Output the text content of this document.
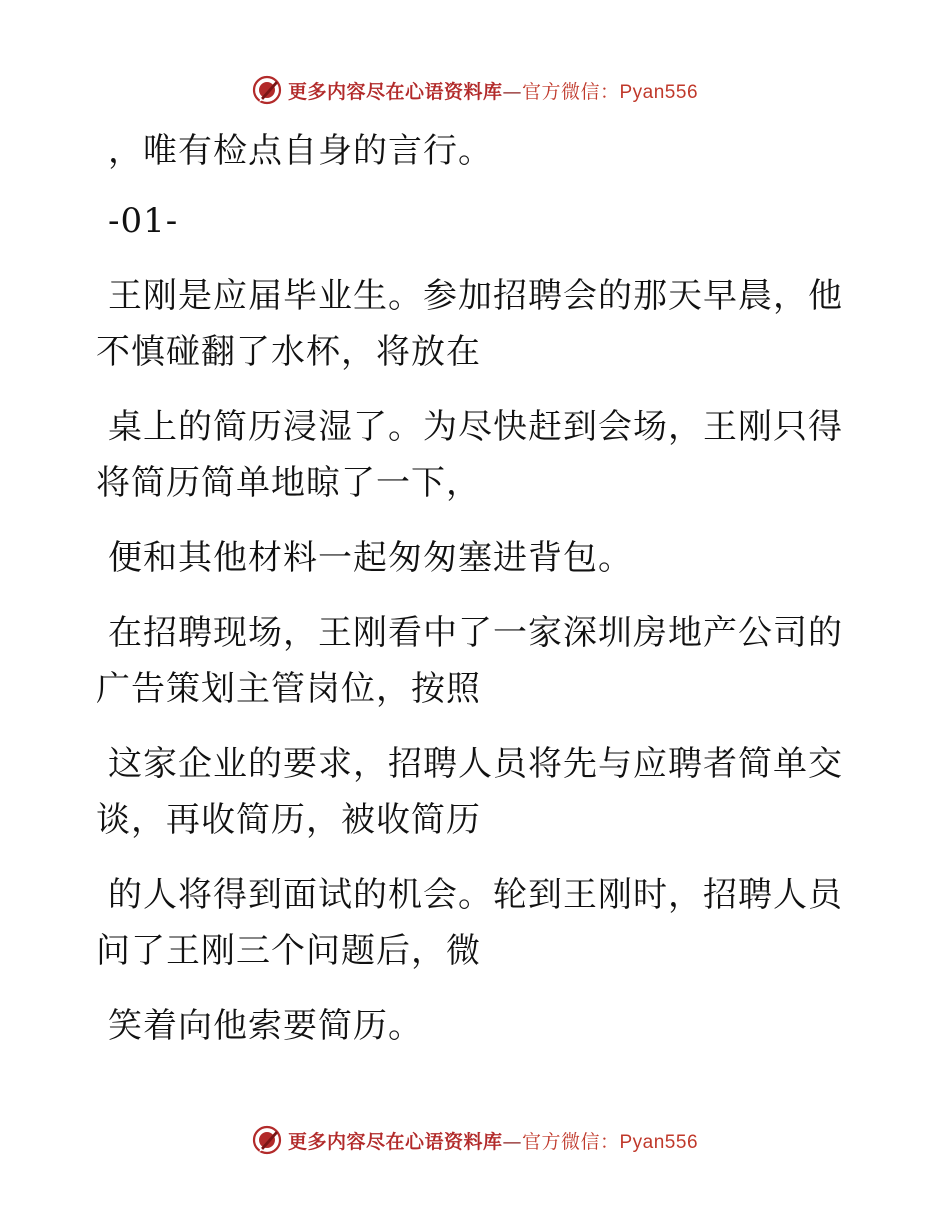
更多内容尽在心语资料库—官方微信：Pyan556
，唯有检点自身的言行。
-01-
王刚是应届毕业生。参加招聘会的那天早晨，他
不慎碰翻了水杯，将放在
桌上的简历浸湿了。为尽快赶到会场，王刚只得
将简历简单地晾了一下，
便和其他材料一起匆匆塞进背包。
在招聘现场，王刚看中了一家深圳房地产公司的
广告策划主管岗位，按照
这家企业的要求，招聘人员将先与应聘者简单交
谈，再收简历，被收简历
的人将得到面试的机会。轮到王刚时，招聘人员
问了王刚三个问题后，微
笑着向他索要简历。
更多内容尽在心语资料库—官方微信：Pyan556
